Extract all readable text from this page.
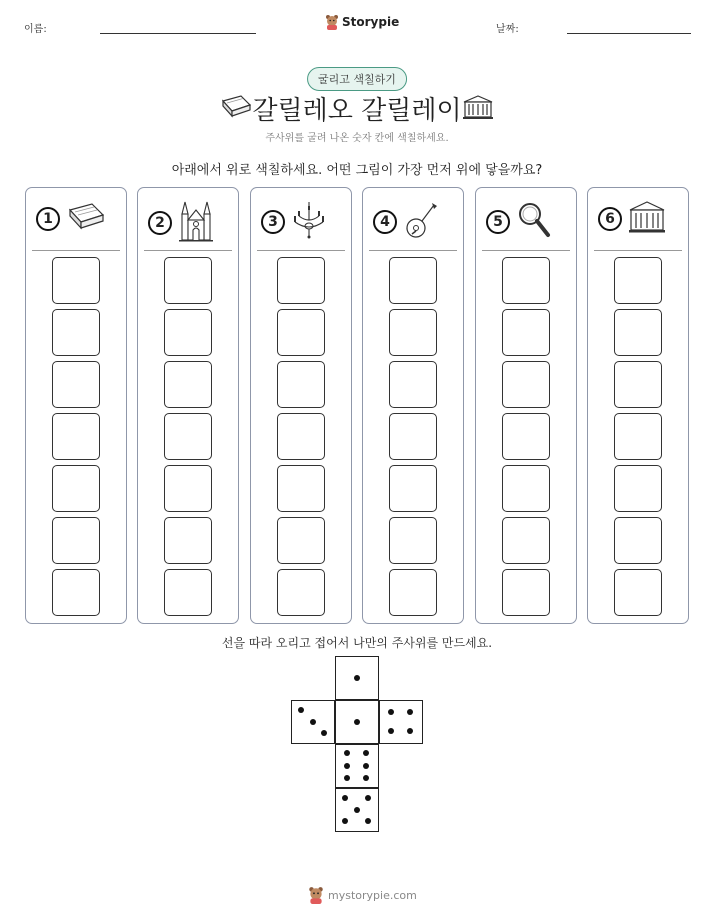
이름:
Storypie
날짜:
굴리고 색칠하기
갈릴레오 갈릴레이
주사위를 굴려 나온 숫자 칸에 색칠하세요.
아래에서 위로 색칠하세요. 어떤 그림이 가장 먼저 위에 닿을까요?
1	2	3	4	5	6
선을 따라 오리고 접어서 나만의 주사위를 만드세요.
mystorypie.com
